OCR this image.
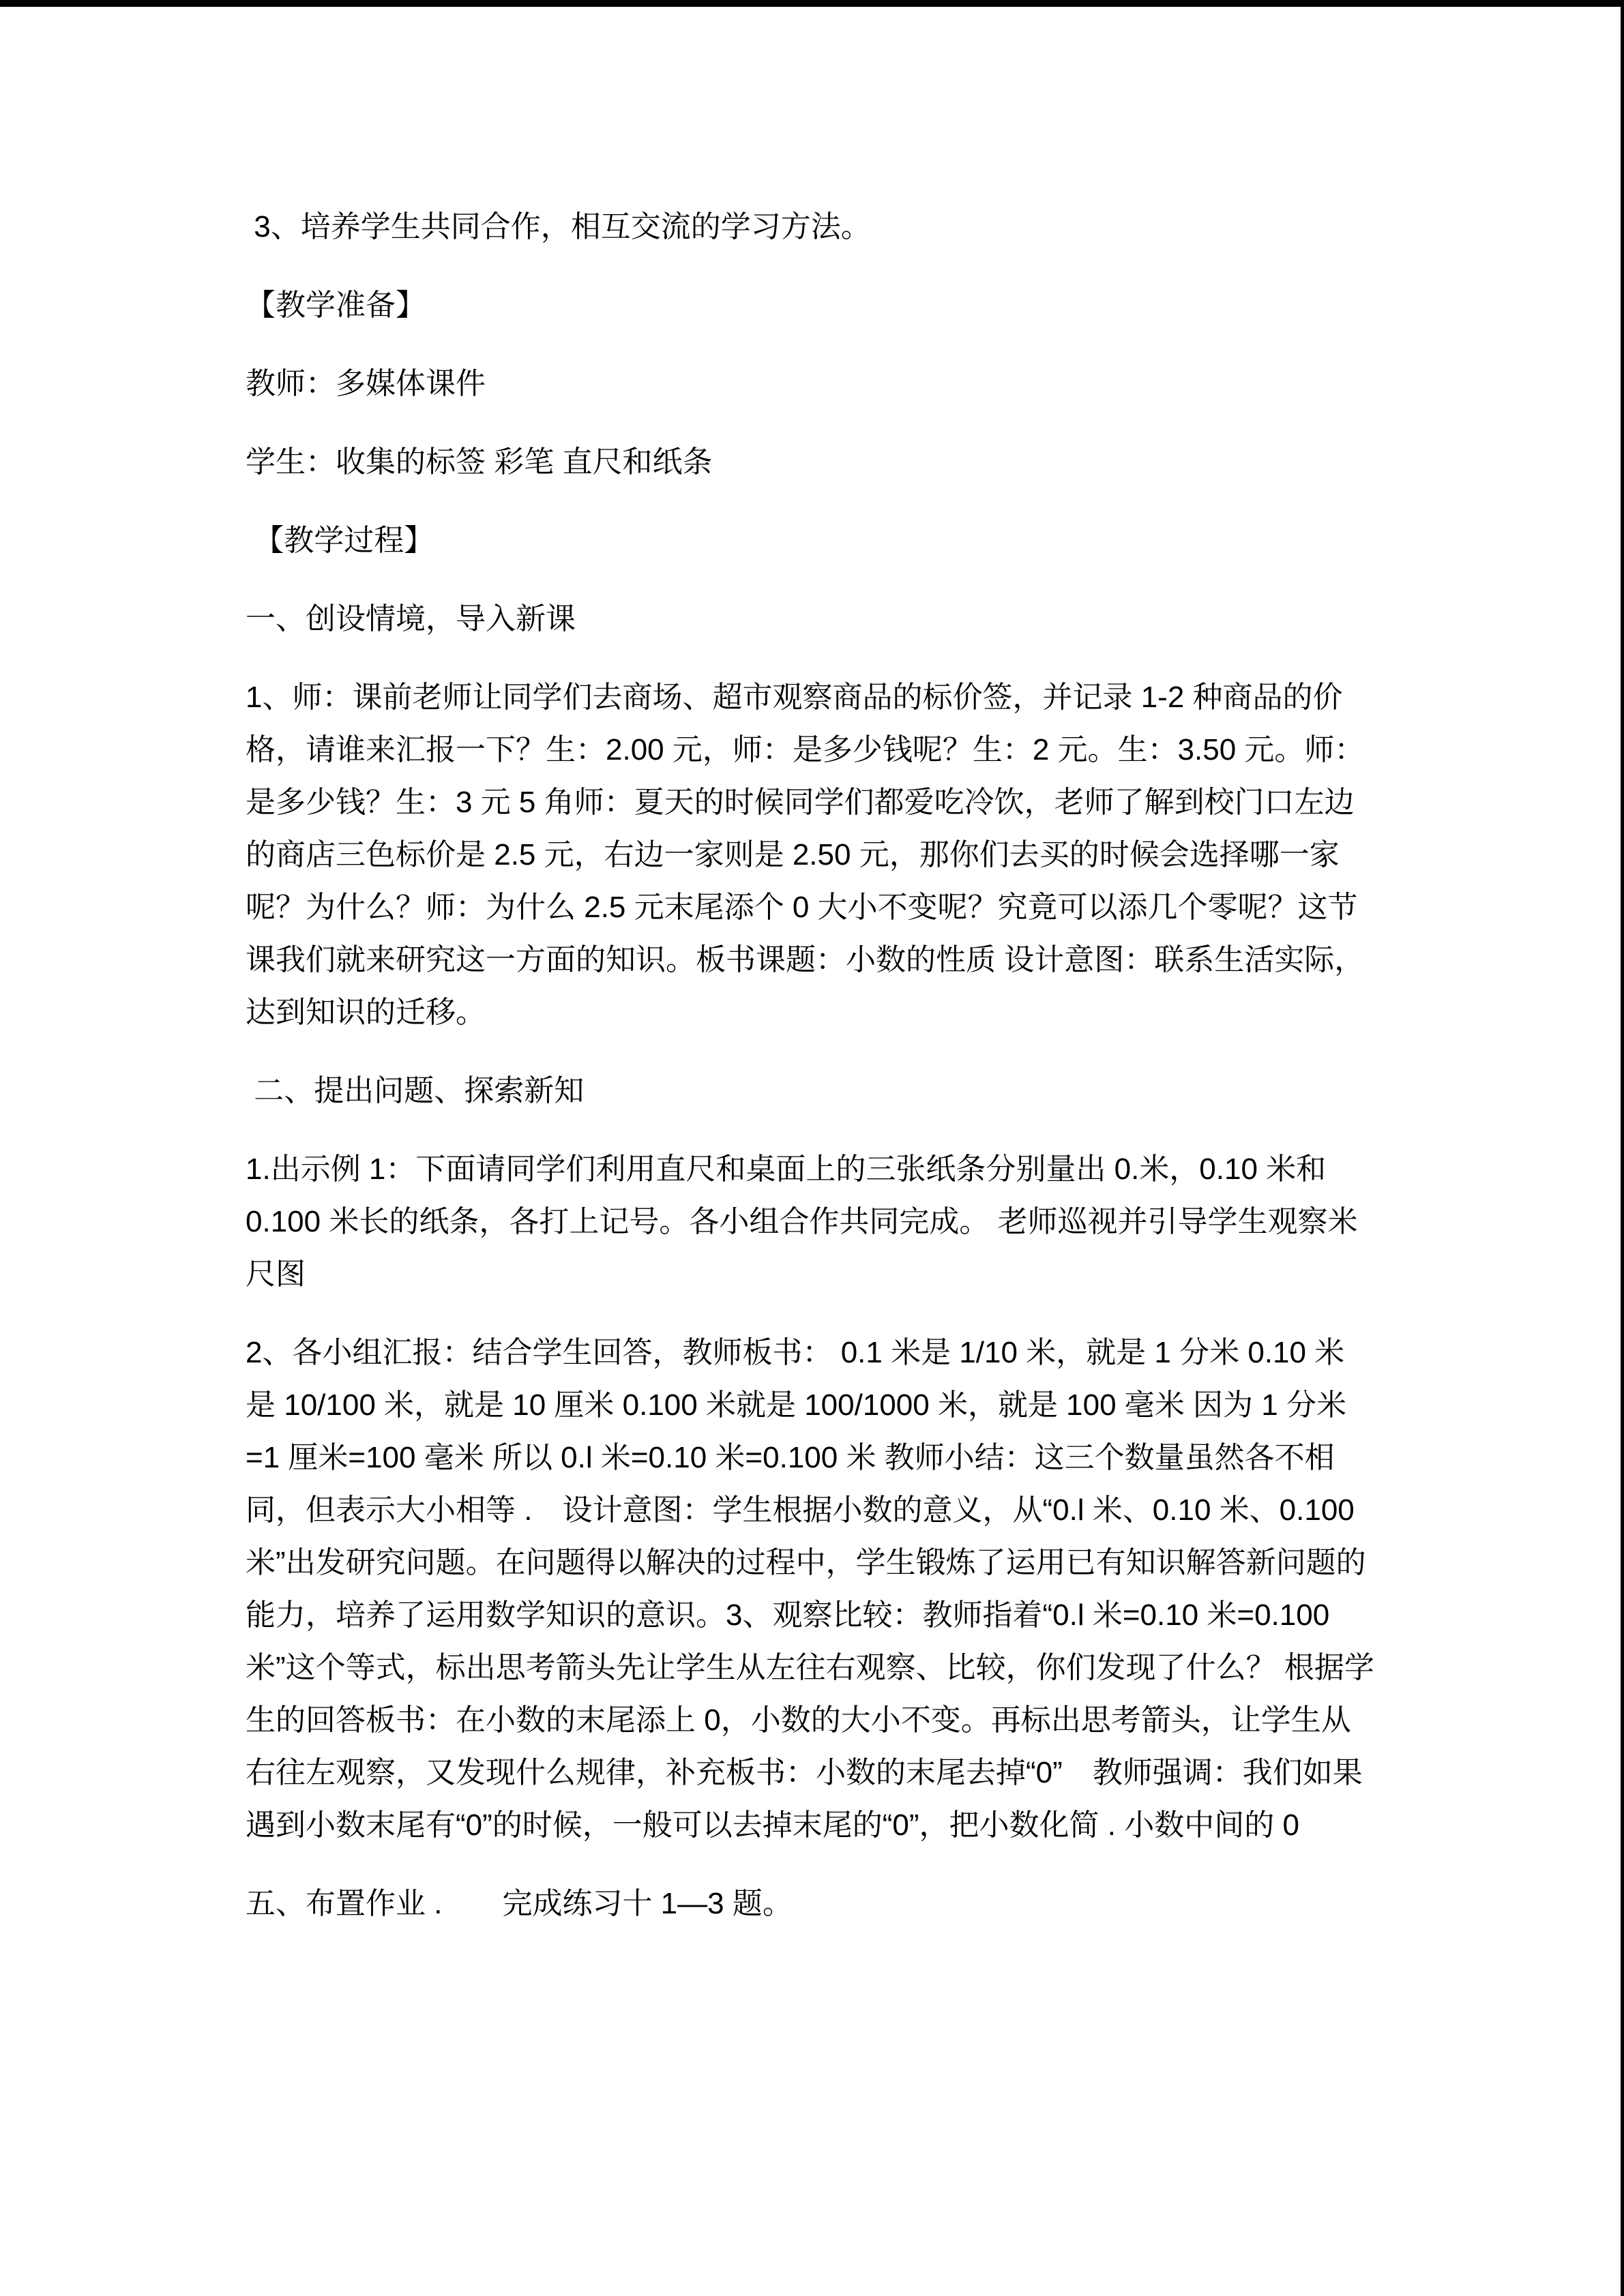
3、培养学生共同合作，相互交流的学习方法。

【教学准备】

教师：多媒体课件

学生：收集的标签 彩笔 直尺和纸条

【教学过程】

一、创设情境，导入新课

1、师：课前老师让同学们去商场、超市观察商品的标价签，并记录 1-2 种商品的价格，请谁来汇报一下？生：2.00 元，师：是多少钱呢？生：2 元。生：3.50 元。师：是多少钱？生：3 元 5 角师：夏天的时候同学们都爱吃冷饮，老师了解到校门口左边的商店三色标价是 2.5 元，右边一家则是 2.50 元，那你们去买的时候会选择哪一家呢？为什么？师：为什么 2.5 元末尾添个 0 大小不变呢？究竟可以添几个零呢？这节课我们就来研究这一方面的知识。板书课题：小数的性质 设计意图：联系生活实际，达到知识的迁移。

二、提出问题、探索新知

1.出示例 1：下面请同学们利用直尺和桌面上的三张纸条分别量出 0.米，0.10 米和 0.100 米长的纸条，各打上记号。各小组合作共同完成。 老师巡视并引导学生观察米尺图

2、各小组汇报：结合学生回答，教师板书： 0.1 米是 1/10 米，就是 1 分米 0.10 米是 10/100 米，就是 10 厘米 0.100 米就是 100/1000 米，就是 100 毫米 因为 1 分米=1 厘米=100 毫米 所以 0.l 米=0.10 米=0.100 米 教师小结：这三个数量虽然各不相同，但表示大小相等 .　设计意图：学生根据小数的意义，从“0.l 米、0.10 米、0.100 米”出发研究问题。在问题得以解决的过程中，学生锻炼了运用已有知识解答新问题的能力，培养了运用数学知识的意识。3、观察比较：教师指着“0.l 米=0.10 米=0.100 米”这个等式，标出思考箭头先让学生从左往右观察、比较，你们发现了什么？ 根据学生的回答板书：在小数的末尾添上 0，小数的大小不变。再标出思考箭头，让学生从右往左观察，又发现什么规律，补充板书：小数的末尾去掉“0”　教师强调：我们如果遇到小数末尾有“0”的时候，一般可以去掉末尾的“0”，把小数化简 . 小数中间的 0

五、布置作业 .　　完成练习十 1—3 题。
